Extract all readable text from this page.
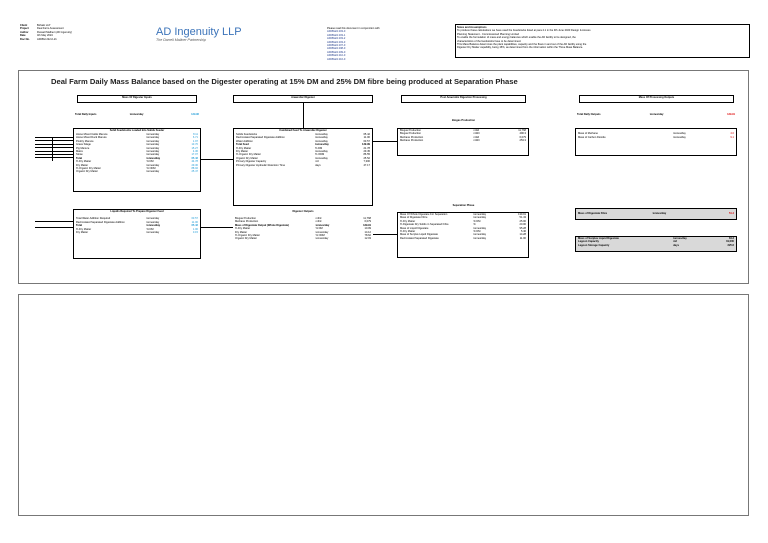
Client	Bohalo LLP
Project	Deal Farm Assessment
Author	Russell Mallner (AD Ingenuity)
Date	4th May 2024
Doc No.	ADI/BH 222-0-21
AD Ingenuity LLP
The Darrell Mallner Partnership
Please read this document in conjunction with
ADI/BH/A 203-0
ADI/BH/A 203-1
ADI/BH/A 203-2
ADI/BH/A 203-3
ADI/BH/A 207-0
ADI/BH/A 208-0
ADI/BH/A 209-0
ADI/BH/A 210-0
ADI/BH/A 216-0
Notes and Assumptions
To produce these calculations we have used the Feedstocks listed at para 4.1 in the 9th June 2023 Design & Access
Planning Statement - Commissioned Planning Limited
To enable the formulation of mass and energy balances which enable the AD facility to be designed, the
characteristics of the feedstocks have to be determined.
This Mass Balance determines the plant capabilities, capacity and the flows in and out of the AD facility using the
Digester Dry Matter capability, being 15%, as determined from the information within the Three Mass Balance.
Deal Farm Daily Mass Balance based on the Digester operating at 15% DM and 25% DM fibre being produced at Separation Phase
Mass Of Digester Inputs
Total Daily Inputs	tonnes/day	139.96
Solid Feedstocks Loaded Into Solids Feeder
Horse Mixed Cattle Manure	tonnes/day	8.11
Horse Mixed Duck Manure	tonnes/day	6.71
Poultry Manure	tonnes/day	1.97
Grass Silage	tonnes/day	13.70
Pig Manure	tonnes/day	15.27
Maize	tonnes/day	4.36
Straw	tonnes/day	17.07
Total	tonnes/day	65.42
% Dry Matter	% DM	44.78
Dry Matter	tonnes/day	29.30
% Organic Dry Matter	% ODM	88.02
Organic Dry Matter	tonnes/day	25.47
Liquids Required To Prepare Digester Feed

Total Water Addition Required	tonnes/day	63.57
Recirculated Separated Digestate Addition	tonnes/day	11.00
Total	tonnes/day	65.42
% Dry Matter	% DM	1.00
Dry Matter	tonnes/day	0.15
Anaerobic Digester
Combined Feed To Anaerobic Digester
Solids Feedstocks	tonnes/day	65.42
Recirculated Separated Digestate Addition	tonnes/day	11.00
Water Addition	tonnes/day	63.57
Total Feed	tonnes/day	139.99
% Dry Matter	% DM	21.78
Dry Matter	tonnes/day	29.45
% Organic Dry Matter	% ODM	86.55
Organic Dry Matter	tonnes/day	25.52
Primary Digester Capacity	m3	7,300
Primary Digester Hydraulic Retention Time	days	47.17
Digester Outputs
Biogas Production	m3/d	11,768
Methane Production	m3/d	6,079
Mass of Digestate Output (Whole Digestate)	tonnes/day	139.91
% Dry Matter	% DM	10.09
Dry Matter	tonnes/day	14.12
% Organic Dry Matter	% ODM	78.62
Organic Dry Matter	tonnes/day	12.03
Post Anaerobic Digestion Processing
Biogas Production
Biogas Production	m3/d	11,768
Biogas Production	m3/hr	490.3
Methane Production	m3/d	6,079
Methane Production	m3/hr	253.3
Separation Phase
Mass Of Whole Digestate For Separation	tonnes/day	139.91
Mass of Digestate Fibre	tonnes/day	51.43
% Dry Matter	% DM	25.00
% Digestate Dry Solids in Separated Fibre	%	20.00
Mass of Liquid Digestate	tonnes/day	95.28
% Dry Matter	% DM	5.46
Mass of Surplus Liquid Digestate	tonnes/day	14.28
Recirculated Separated Digestate	tonnes/day	11.00
Mass Of Processing Outputs
Total Daily Outputs	tonnes/day	139.91

Mass of Methane	tonnes/day	4.0
Mass of Carbon Dioxide	tonnes/day	9.1
Mass of Digestate Fibre	tonnes/day	51.4
Mass of Surplus Liquid Digestate	tonnes/day	84.3
Lagoon Capacity	m3	19,000
Lagoon Storage Capacity	days	225.6
